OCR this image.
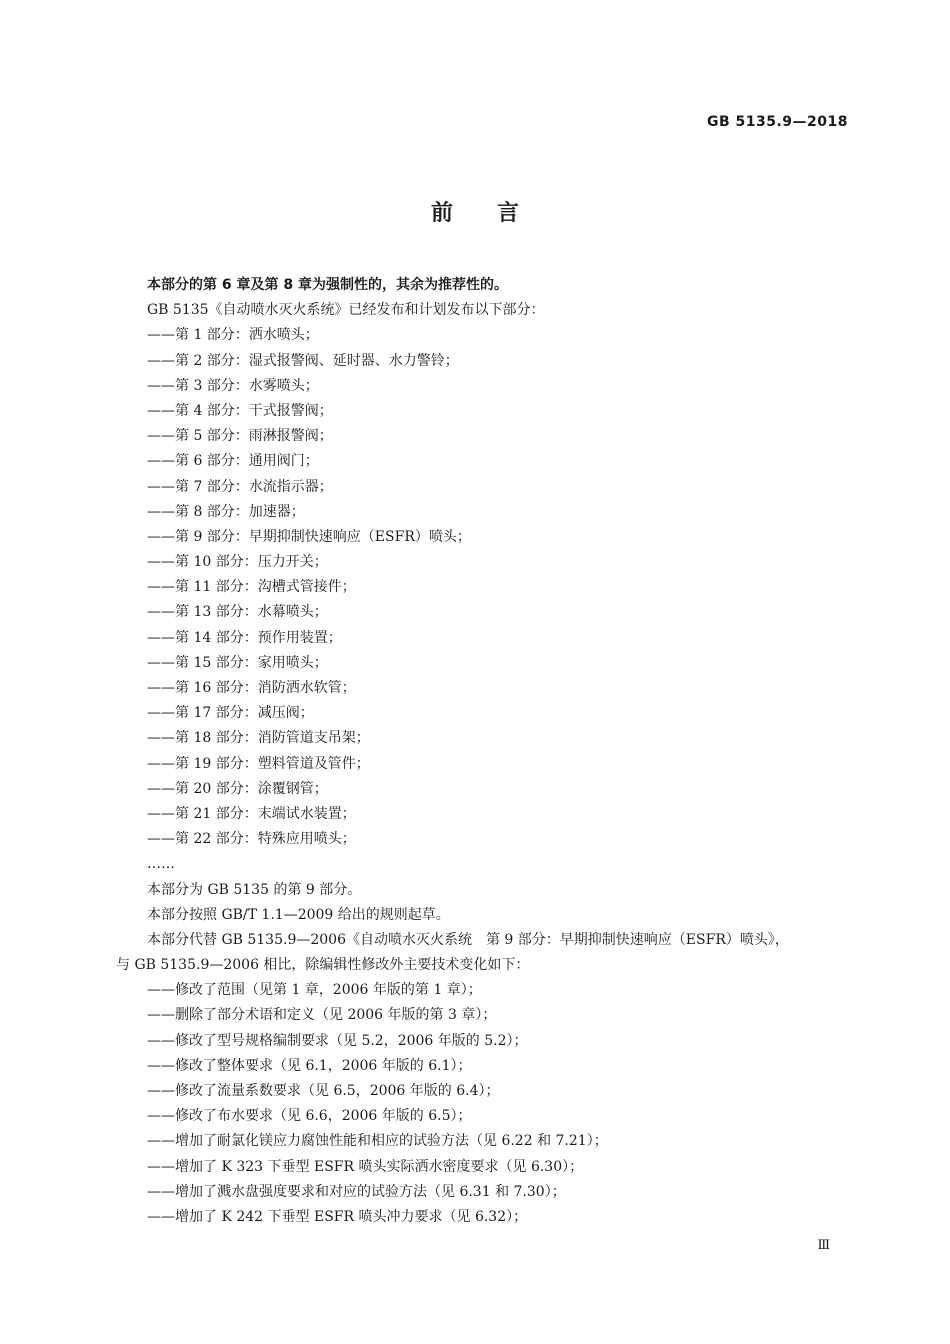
GB 5135.9—2018
前言
本部分的第 6 章及第 8 章为强制性的，其余为推荐性的。
GB 5135《自动喷水灭火系统》已经发布和计划发布以下部分：
——第 1 部分：洒水喷头；
——第 2 部分：湿式报警阀、延时器、水力警铃；
——第 3 部分：水雾喷头；
——第 4 部分：干式报警阀；
——第 5 部分：雨淋报警阀；
——第 6 部分：通用阀门；
——第 7 部分：水流指示器；
——第 8 部分：加速器；
——第 9 部分：早期抑制快速响应（ESFR）喷头；
——第 10 部分：压力开关；
——第 11 部分：沟槽式管接件；
——第 13 部分：水幕喷头；
——第 14 部分：预作用装置；
——第 15 部分：家用喷头；
——第 16 部分：消防洒水软管；
——第 17 部分：减压阀；
——第 18 部分：消防管道支吊架；
——第 19 部分：塑料管道及管件；
——第 20 部分：涂覆钢管；
——第 21 部分：末端试水装置；
——第 22 部分：特殊应用喷头；
……
本部分为 GB 5135 的第 9 部分。
本部分按照 GB/T 1.1—2009 给出的规则起草。
本部分代替 GB 5135.9—2006《自动喷水灭火系统　第 9 部分：早期抑制快速响应（ESFR）喷头》，
与 GB 5135.9—2006 相比，除编辑性修改外主要技术变化如下：
——修改了范围（见第 1 章，2006 年版的第 1 章）；
——删除了部分术语和定义（见 2006 年版的第 3 章）；
——修改了型号规格编制要求（见 5.2，2006 年版的 5.2）；
——修改了整体要求（见 6.1，2006 年版的 6.1）；
——修改了流量系数要求（见 6.5，2006 年版的 6.4）；
——修改了布水要求（见 6.6，2006 年版的 6.5）；
——增加了耐氯化镁应力腐蚀性能和相应的试验方法（见 6.22 和 7.21）；
——增加了 K 323 下垂型 ESFR 喷头实际洒水密度要求（见 6.30）；
——增加了溅水盘强度要求和对应的试验方法（见 6.31 和 7.30）；
——增加了 K 242 下垂型 ESFR 喷头冲力要求（见 6.32）；
Ⅲ
